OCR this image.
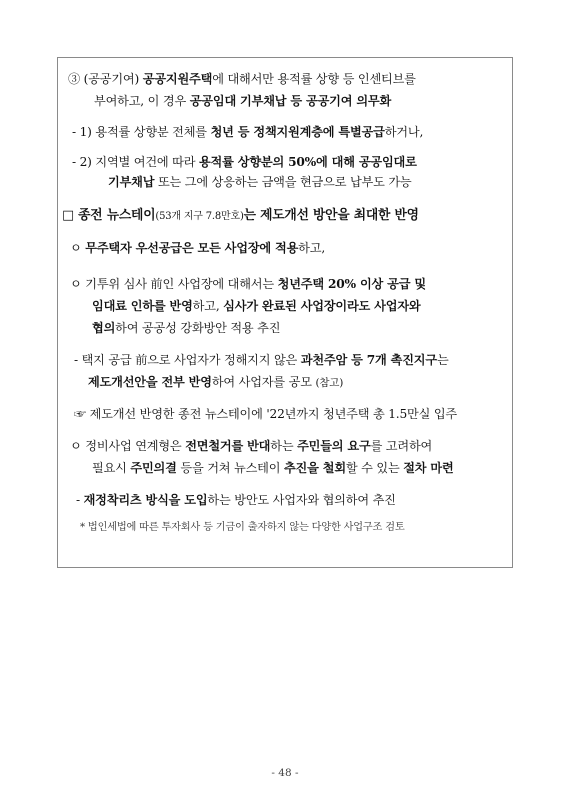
③ (공공기여) 공공지원주택에 대해서만 용적률 상향 등 인센티브를
부여하고, 이 경우 공공임대 기부채납 등 공공기여 의무화
- 1) 용적률 상향분 전체를 청년 등 정책지원계층에 특별공급하거나,
- 2) 지역별 여건에 따라 용적률 상향분의 50%에 대해 공공임대로
기부채납 또는 그에 상응하는 금액을 현금으로 납부도 가능
□ 종전 뉴스테이(53개 지구 7.8만호)는 제도개선 방안을 최대한 반영
ㅇ 무주택자 우선공급은 모든 사업장에 적용하고,
ㅇ 기투위 심사 前인 사업장에 대해서는 청년주택 20% 이상 공급 및
임대료 인하를 반영하고, 심사가 완료된 사업장이라도 사업자와
협의하여 공공성 강화방안 적용 추진
- 택지 공급 前으로 사업자가 정해지지 않은 과천주암 등 7개 촉진지구는
제도개선안을 전부 반영하여 사업자를 공모 (참고)
☞ 제도개선 반영한 종전 뉴스테이에 '22년까지 청년주택 총 1.5만실 입주
ㅇ 정비사업 연계형은 전면철거를 반대하는 주민들의 요구를 고려하여
필요시 주민의결 등을 거쳐 뉴스테이 추진을 철회할 수 있는 절차 마련
- 재정착리츠 방식을 도입하는 방안도 사업자와 협의하여 추진
* 법인세법에 따른 투자회사 등 기금이 출자하지 않는 다양한 사업구조 검토
- 48 -
